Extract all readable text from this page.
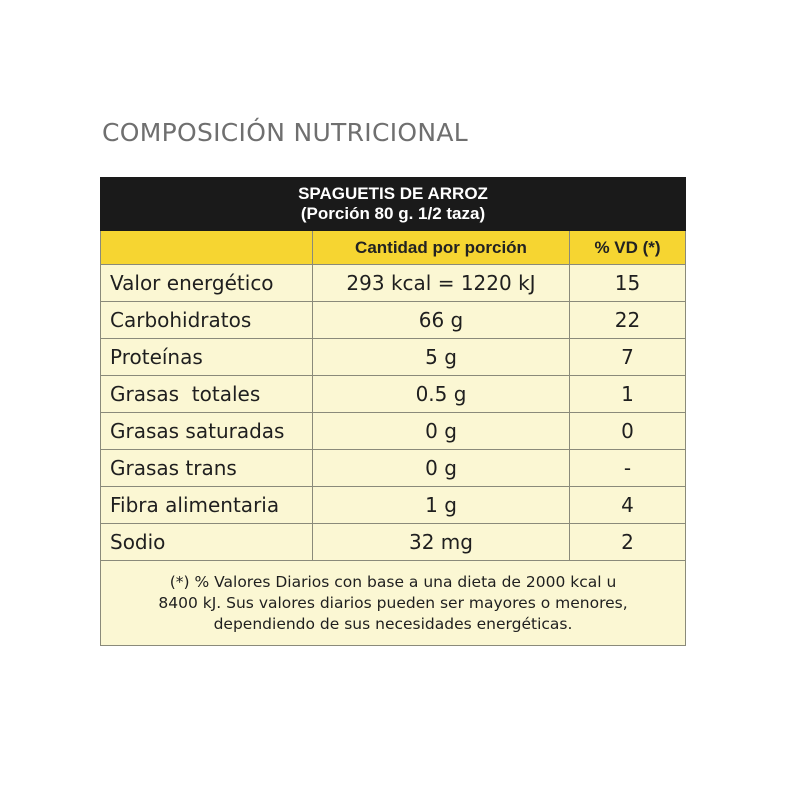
COMPOSICIÓN NUTRICIONAL
SPAGUETIS DE ARROZ
(Porción 80 g. 1/2 taza)		

	Cantidad por porción	% VD (*)
Valor energético	293 kcal = 1220 kJ	15
Carbohidratos	66 g	22
Proteínas	5 g	7
Grasas  totales	0.5 g	1
Grasas saturadas	0 g	0
Grasas trans	0 g	-
Fibra alimentaria	1 g	4
Sodio	32 mg	2

(*) % Valores Diarios con base a una dieta de 2000 kcal u
8400 kJ. Sus valores diarios pueden ser mayores o menores,
dependiendo de sus necesidades energéticas.		
